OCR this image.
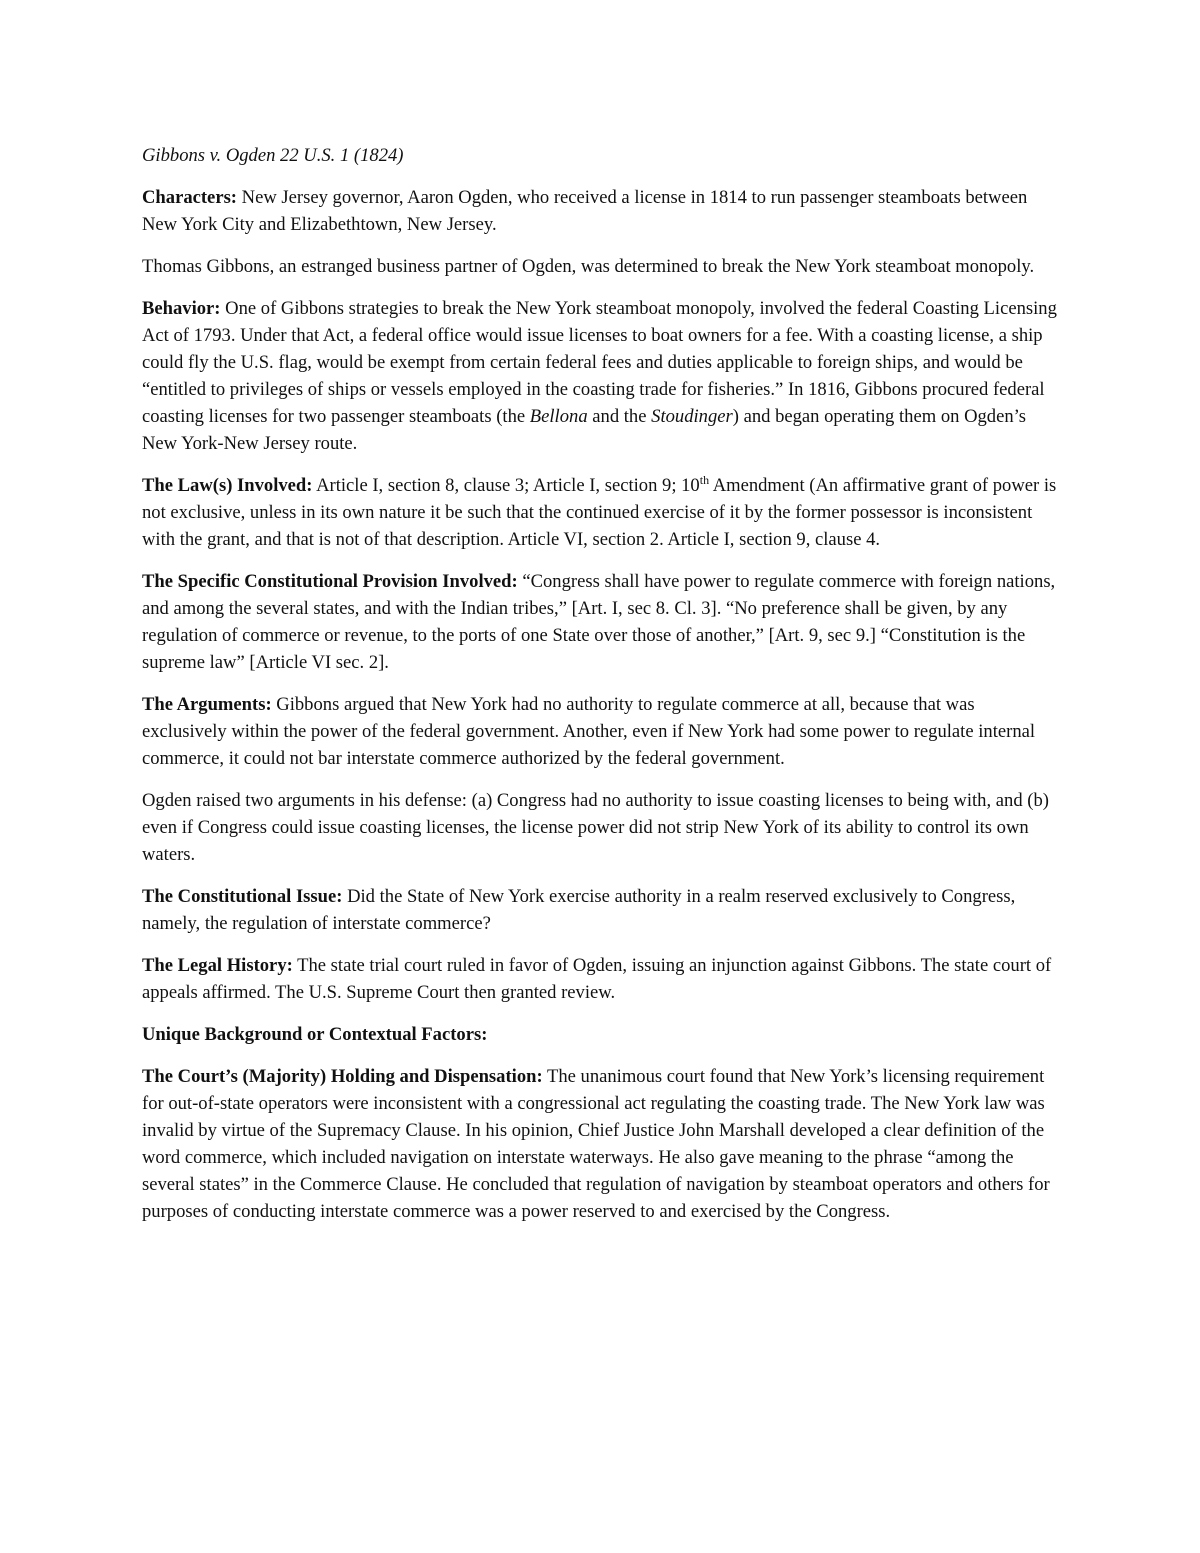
Gibbons v. Ogden 22 U.S. 1 (1824)

Characters: New Jersey governor, Aaron Ogden, who received a license in 1814 to run passenger steamboats between New York City and Elizabethtown, New Jersey.

Thomas Gibbons, an estranged business partner of Ogden, was determined to break the New York steamboat monopoly.

Behavior: One of Gibbons strategies to break the New York steamboat monopoly, involved the federal Coasting Licensing Act of 1793. Under that Act, a federal office would issue licenses to boat owners for a fee. With a coasting license, a ship could fly the U.S. flag, would be exempt from certain federal fees and duties applicable to foreign ships, and would be “entitled to privileges of ships or vessels employed in the coasting trade for fisheries.” In 1816, Gibbons procured federal coasting licenses for two passenger steamboats (the Bellona and the Stoudinger) and began operating them on Ogden’s New York-New Jersey route.

The Law(s) Involved: Article I, section 8, clause 3; Article I, section 9; 10th Amendment (An affirmative grant of power is not exclusive, unless in its own nature it be such that the continued exercise of it by the former possessor is inconsistent with the grant, and that is not of that description. Article VI, section 2. Article I, section 9, clause 4.

The Specific Constitutional Provision Involved: “Congress shall have power to regulate commerce with foreign nations, and among the several states, and with the Indian tribes,” [Art. I, sec 8. Cl. 3]. “No preference shall be given, by any regulation of commerce or revenue, to the ports of one State over those of another,” [Art. 9, sec 9.] “Constitution is the supreme law” [Article VI sec. 2].

The Arguments: Gibbons argued that New York had no authority to regulate commerce at all, because that was exclusively within the power of the federal government. Another, even if New York had some power to regulate internal commerce, it could not bar interstate commerce authorized by the federal government.

Ogden raised two arguments in his defense: (a) Congress had no authority to issue coasting licenses to being with, and (b) even if Congress could issue coasting licenses, the license power did not strip New York of its ability to control its own waters.

The Constitutional Issue: Did the State of New York exercise authority in a realm reserved exclusively to Congress, namely, the regulation of interstate commerce?

The Legal History: The state trial court ruled in favor of Ogden, issuing an injunction against Gibbons. The state court of appeals affirmed. The U.S. Supreme Court then granted review.

Unique Background or Contextual Factors:

The Court’s (Majority) Holding and Dispensation: The unanimous court found that New York’s licensing requirement for out-of-state operators were inconsistent with a congressional act regulating the coasting trade. The New York law was invalid by virtue of the Supremacy Clause. In his opinion, Chief Justice John Marshall developed a clear definition of the word commerce, which included navigation on interstate waterways. He also gave meaning to the phrase “among the several states” in the Commerce Clause. He concluded that regulation of navigation by steamboat operators and others for purposes of conducting interstate commerce was a power reserved to and exercised by the Congress.
